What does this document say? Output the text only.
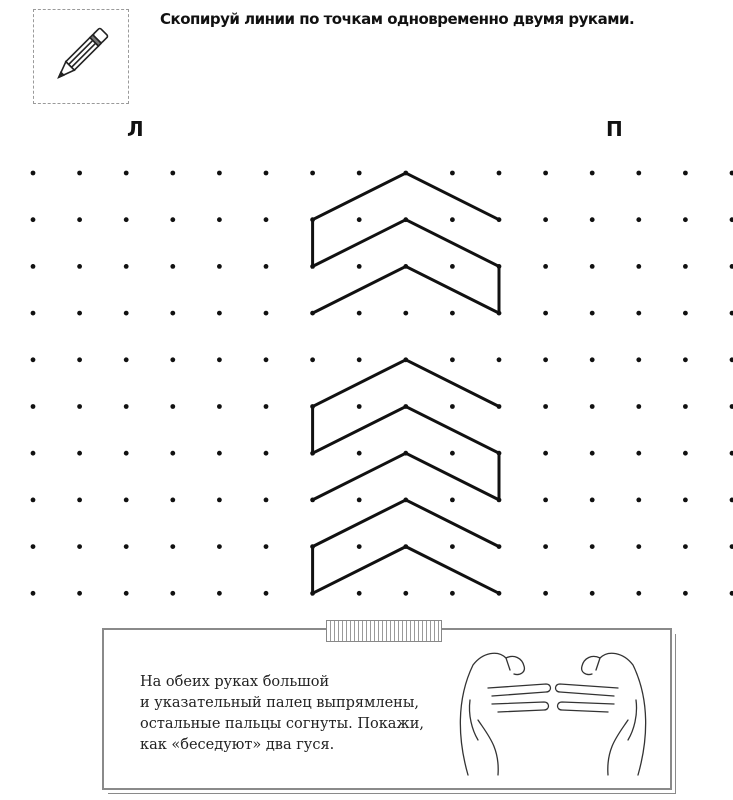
Скопируй линии по точкам одновременно двумя руками.
Л	П
На обеих руках большой
и указательный палец выпрямлены,
остальные пальцы согнуты. Покажи,
как «беседуют» два гуся.
